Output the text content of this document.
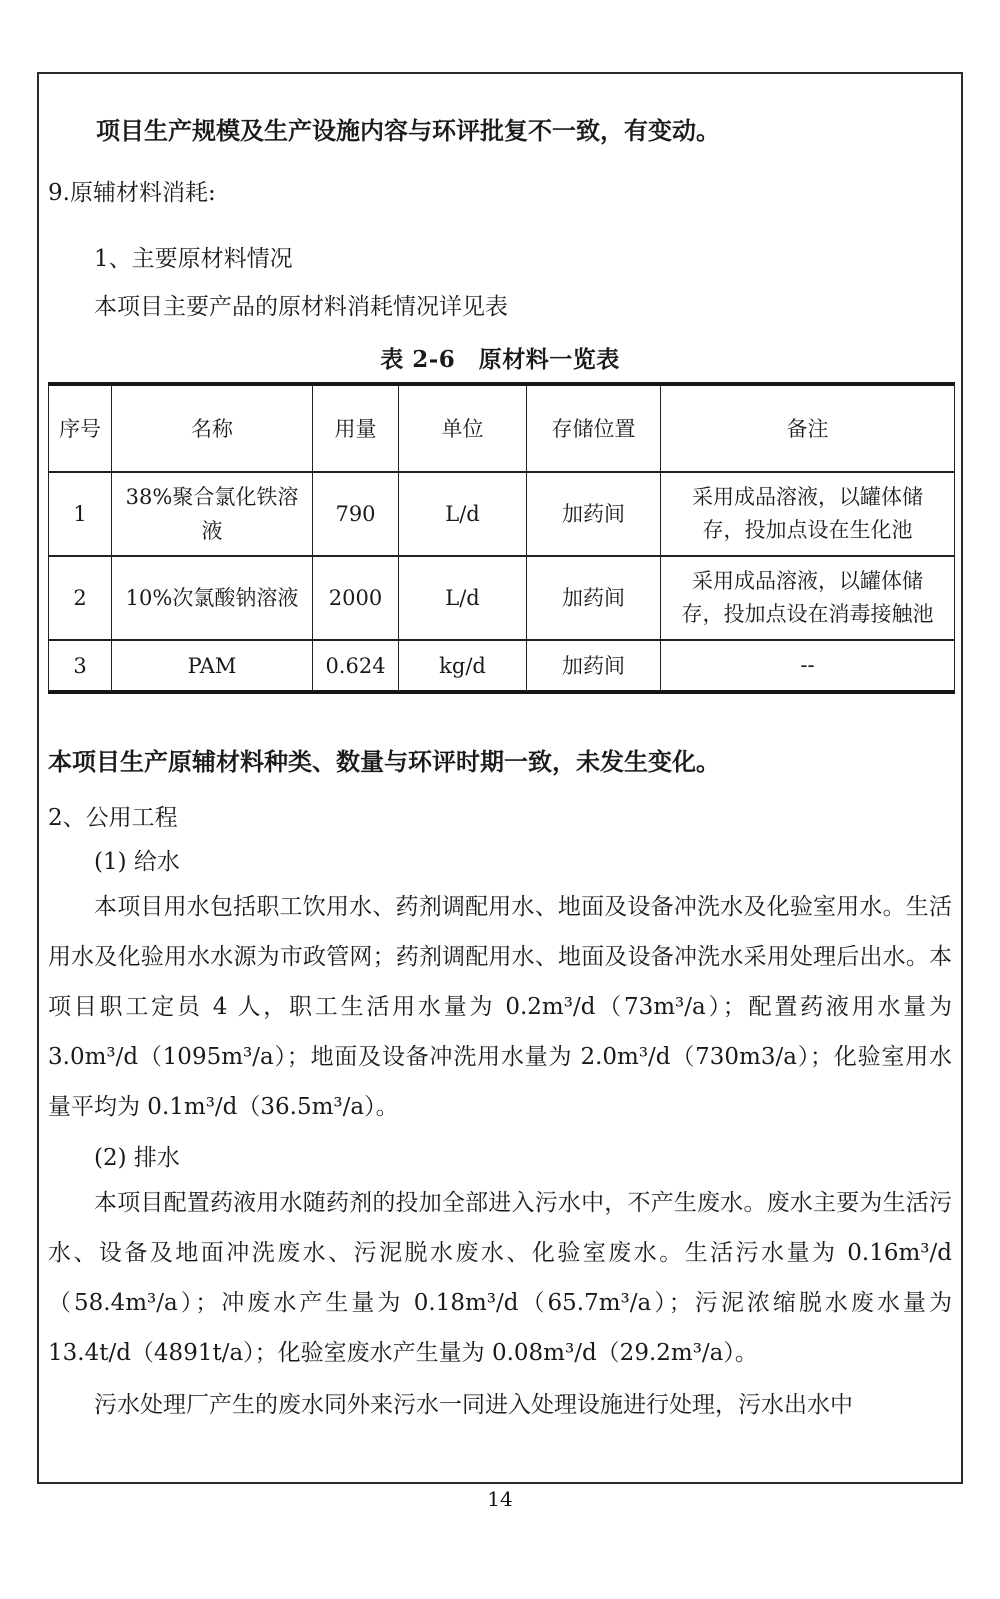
项目生产规模及生产设施内容与环评批复不一致，有变动。

9.原辅材料消耗:

1、主要原材料情况

本项目主要产品的原材料消耗情况详见表

表 2-6　原材料一览表

序号	名称	用量	单位	存储位置	备注
1	38%聚合氯化铁溶液	790	L/d	加药间	采用成品溶液，以罐体储存，投加点设在生化池
2	10%次氯酸钠溶液	2000	L/d	加药间	采用成品溶液，以罐体储存，投加点设在消毒接触池
3	PAM	0.624	kg/d	加药间	--

本项目生产原辅材料种类、数量与环评时期一致，未发生变化。

2、公用工程

(1) 给水

本项目用水包括职工饮用水、药剂调配用水、地面及设备冲洗水及化验室用水。生活用水及化验用水水源为市政管网；药剂调配用水、地面及设备冲洗水采用处理后出水。本项目职工定员 4 人，职工生活用水量为 0.2m³/d（73m³/a）；配置药液用水量为 3.0m³/d（1095m³/a）；地面及设备冲洗用水量为 2.0m³/d（730m3/a）；化验室用水量平均为 0.1m³/d（36.5m³/a）。

(2) 排水

本项目配置药液用水随药剂的投加全部进入污水中，不产生废水。废水主要为生活污水、设备及地面冲洗废水、污泥脱水废水、化验室废水。生活污水量为 0.16m³/d（58.4m³/a）；冲废水产生量为 0.18m³/d（65.7m³/a）；污泥浓缩脱水废水量为 13.4t/d（4891t/a）；化验室废水产生量为 0.08m³/d（29.2m³/a）。

污水处理厂产生的废水同外来污水一同进入处理设施进行处理，污水出水中

14
